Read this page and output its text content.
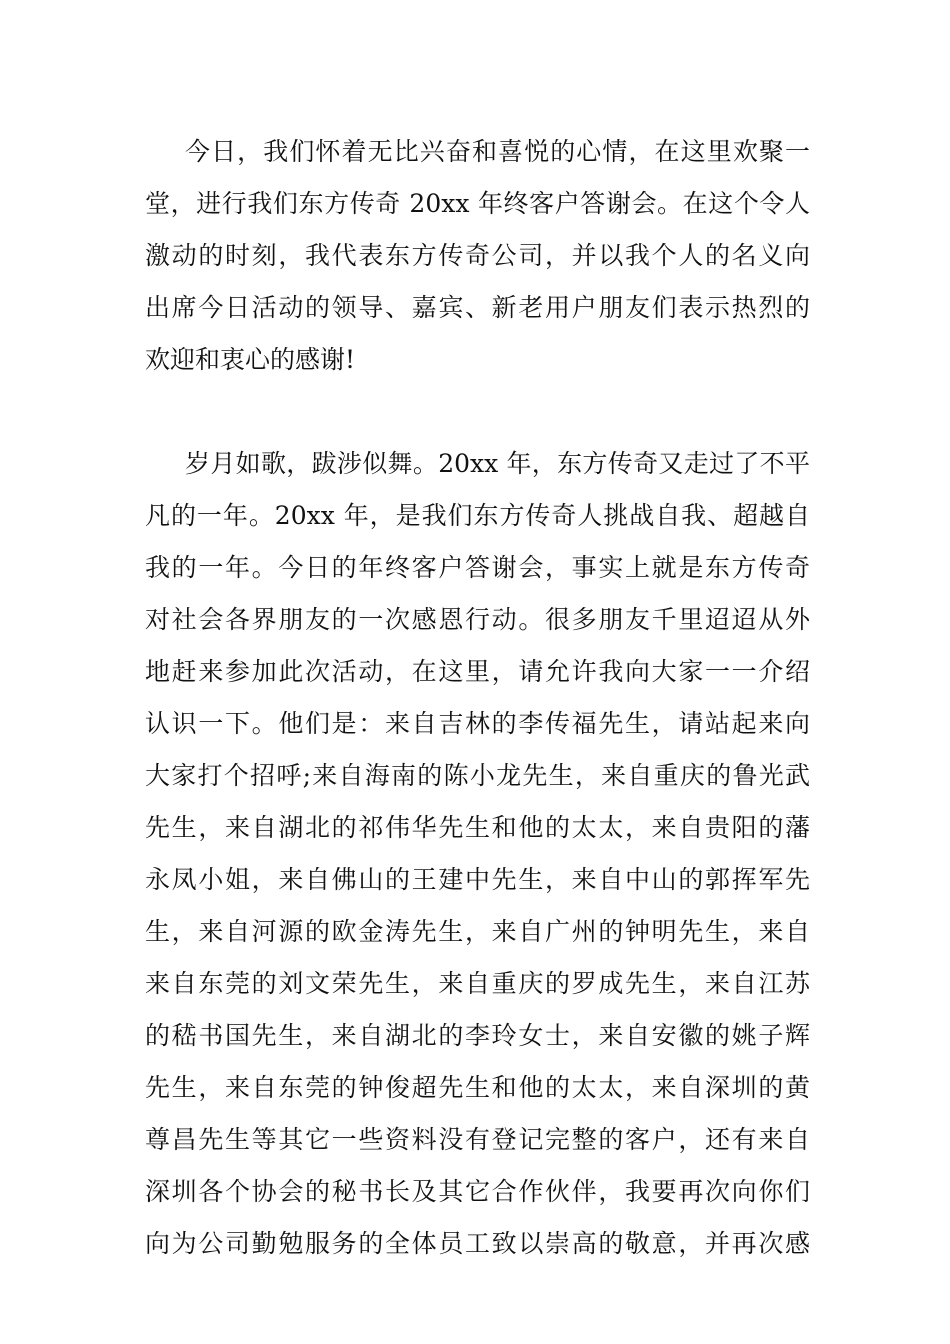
今日，我们怀着无比兴奋和喜悦的心情，在这里欢聚一

堂，进行我们东方传奇 20xx 年终客户答谢会。在这个令人

激动的时刻，我代表东方传奇公司，并以我个人的名义向

出席今日活动的领导、嘉宾、新老用户朋友们表示热烈的

欢迎和衷心的感谢!

岁月如歌，跋涉似舞。20xx 年，东方传奇又走过了不平

凡的一年。20xx 年，是我们东方传奇人挑战自我、超越自

我的一年。今日的年终客户答谢会，事实上就是东方传奇

对社会各界朋友的一次感恩行动。很多朋友千里迢迢从外

地赶来参加此次活动，在这里，请允许我向大家一一介绍

认识一下。他们是：来自吉林的李传福先生，请站起来向

大家打个招呼;来自海南的陈小龙先生，来自重庆的鲁光武

先生，来自湖北的祁伟华先生和他的太太，来自贵阳的藩

永凤小姐，来自佛山的王建中先生，来自中山的郭挥军先

生，来自河源的欧金涛先生，来自广州的钟明先生，来自

来自东莞的刘文荣先生，来自重庆的罗成先生，来自江苏

的嵇书国先生，来自湖北的李玲女士，来自安徽的姚子辉

先生，来自东莞的钟俊超先生和他的太太，来自深圳的黄

尊昌先生等其它一些资料没有登记完整的客户，还有来自

深圳各个协会的秘书长及其它合作伙伴，我要再次向你们

向为公司勤勉服务的全体员工致以崇高的敬意，并再次感
